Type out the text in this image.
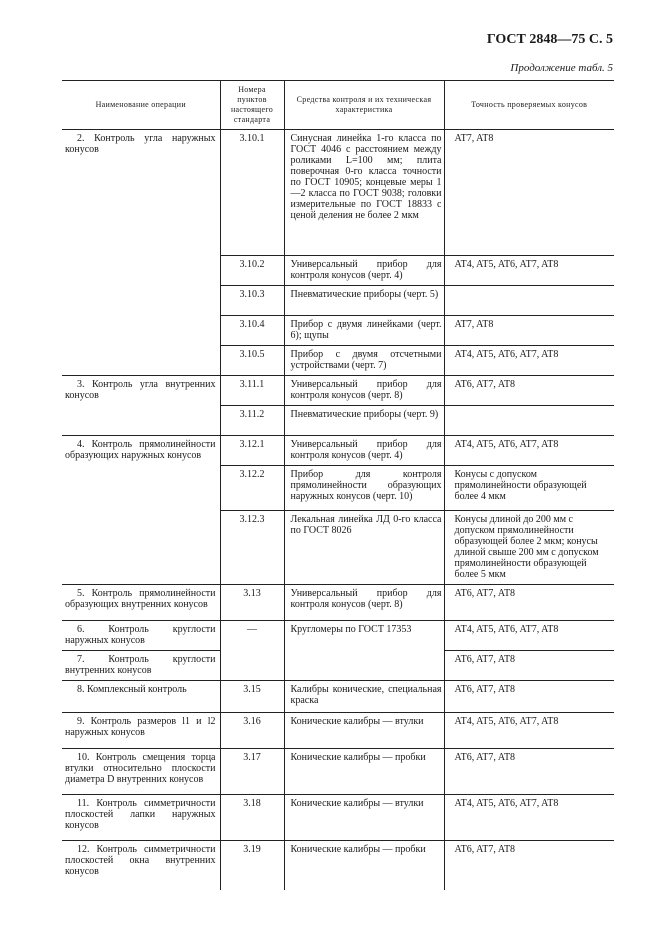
ГОСТ 2848—75 С. 5
Продолжение табл. 5
Наименование операции	Номера пунктов настоящего стандарта	Средства контроля и их техническая характеристика	Точность проверяемых конусов

2. Контроль угла наружных конусов	3.10.1	Синусная линейка 1-го класса по ГОСТ 4046 с расстоянием между роликами L=100 мм; плита поверочная 0-го класса точности по ГОСТ 10905; концевые меры 1—2 класса по ГОСТ 9038; головки измерительные по ГОСТ 18833 с ценой деления не более 2 мкм	AT7, AT8

	3.10.2	Универсальный прибор для контроля конусов (черт. 4)	AT4, AT5, AT6, AT7, AT8

	3.10.3	Пневматические приборы (черт. 5)	

	3.10.4	Прибор с двумя линейками (черт. 6); щупы	AT7, AT8

	3.10.5	Прибор с двумя отсчетными устройствами (черт. 7)	AT4, AT5, AT6, AT7, AT8

3. Контроль угла внутренних конусов	3.11.1	Универсальный прибор для контроля конусов (черт. 8)	AT6, AT7, AT8

	3.11.2	Пневматические приборы (черт. 9)	

4. Контроль прямолинейности образующих наружных конусов	3.12.1	Универсальный прибор для контроля конусов (черт. 4)	AT4, AT5, AT6, AT7, AT8

	3.12.2	Прибор для контроля прямолинейности образующих наружных конусов (черт. 10)	Конусы с допуском прямолинейности образующей более 4 мкм

	3.12.3	Лекальная линейка ЛД 0-го класса по ГОСТ 8026	Конусы длиной до 200 мм с допуском прямолинейности образующей более 2 мкм; конусы длиной свыше 200 мм с допуском прямолинейности образующей более 5 мкм

5. Контроль прямолинейности образующих внутренних конусов	3.13	Универсальный прибор для контроля конусов (черт. 8)	AT6, AT7, AT8

6. Контроль круглости наружных конусов	—	Кругломеры по ГОСТ 17353	AT4, AT5, AT6, AT7, AT8

7. Контроль круглости внутренних конусов			AT6, AT7, AT8

8. Комплексный контроль	3.15	Калибры конические, специальная краска	AT6, AT7, AT8

9. Контроль размеров l1 и l2 наружных конусов	3.16	Конические калибры — втулки	AT4, AT5, AT6, AT7, AT8

10. Контроль смещения торца втулки относительно плоскости диаметра D внутренних конусов	3.17	Конические калибры — пробки	AT6, AT7, AT8

11. Контроль симметричности плоскостей лапки наружных конусов	3.18	Конические калибры — втулки	AT4, AT5, AT6, AT7, AT8

12. Контроль симметричности плоскостей окна внутренних конусов	3.19	Конические калибры — пробки	AT6, AT7, AT8
